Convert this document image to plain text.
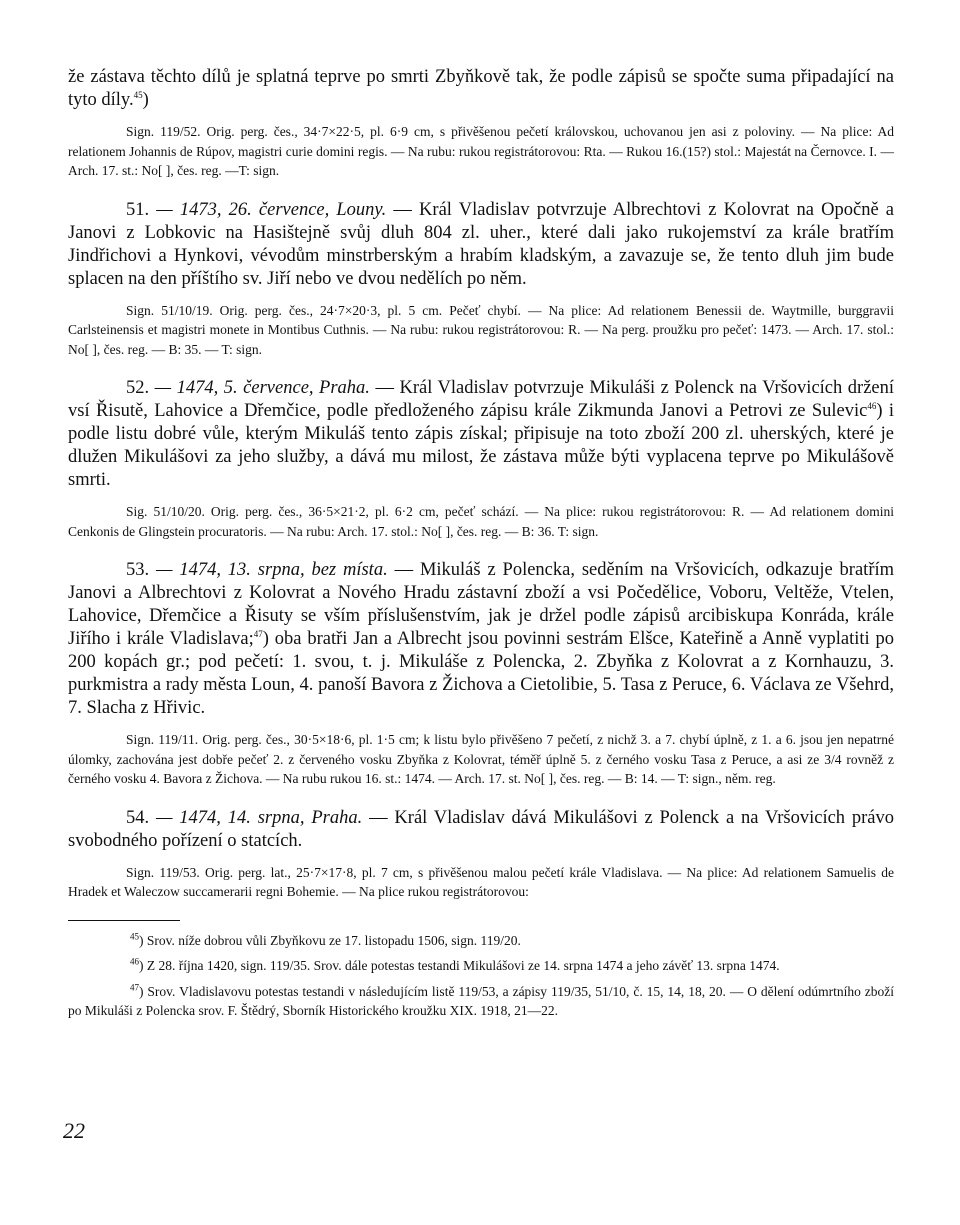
že zástava těchto dílů je splatná teprve po smrti Zbyňkově tak, že podle zápisů se spočte suma připadající na tyto díly.$^{45}$)

Sign. 119/52. Orig. perg. čes., 34·7×22·5, pl. 6·9 cm, s přivěšenou pečetí královskou, uchovanou jen asi z poloviny. — Na plice: Ad relationem Johannis de Rúpov, magistri curie domini regis. — Na rubu: rukou registrátorovou: Rta. — Rukou 16.(15?) stol.: Majestát na Černovce. I. — Arch. 17. st.: No[ ], čes. reg. —T: sign.

51. — 1473, 26. července, Louny. — Král Vladislav potvrzuje Albrechtovi z Kolovrat na Opočně a Janovi z Lobkovic na Hasištejně svůj dluh 804 zl. uher., které dali jako rukojemství za krále bratřím Jindřichovi a Hynkovi, vévodům minstrberským a hrabím kladským, a zavazuje se, že tento dluh jim bude splacen na den příštího sv. Jiří nebo ve dvou nedělích po něm.

Sign. 51/10/19. Orig. perg. čes., 24·7×20·3, pl. 5 cm. Pečeť chybí. — Na plice: Ad relationem Benessii de. Waytmille, burggravii Carlsteinensis et magistri monete in Montibus Cuthnis. — Na rubu: rukou registrátorovou: R. — Na perg. proužku pro pečeť: 1473. — Arch. 17. stol.: No[ ], čes. reg. — B: 35. — T: sign.

52. — 1474, 5. července, Praha. — Král Vladislav potvrzuje Mikuláši z Polenck na Vršovicích držení vsí Řisutě, Lahovice a Dřemčice, podle předloženého zápisu krále Zikmunda Janovi a Petrovi ze Sulevic$^{46}$) i podle listu dobré vůle, kterým Mikuláš tento zápis získal; připisuje na toto zboží 200 zl. uherských, které je dlužen Mikulášovi za jeho služby, a dává mu milost, že zástava může býti vyplacena teprve po Mikulášově smrti.

Sig. 51/10/20. Orig. perg. čes., 36·5×21·2, pl. 6·2 cm, pečeť schází. — Na plice: rukou registrátorovou: R. — Ad relationem domini Cenkonis de Glingstein procuratoris. — Na rubu: Arch. 17. stol.: No[ ], čes. reg. — B: 36. T: sign.

53. — 1474, 13. srpna, bez místa. — Mikuláš z Polencka, seděním na Vršovicích, odkazuje bratřím Janovi a Albrechtovi z Kolovrat a Nového Hradu zástavní zboží a vsi Počedělice, Voboru, Veltěže, Vtelen, Lahovice, Dřemčice a Řisuty se vším příslušenstvím, jak je držel podle zápisů arcibiskupa Konráda, krále Jiřího i krále Vladislava;$^{47}$) oba bratři Jan a Albrecht jsou povinni sestrám Elšce, Kateřině a Anně vyplatiti po 200 kopách gr.; pod pečetí: 1. svou, t. j. Mikuláše z Polencka, 2. Zbyňka z Kolovrat a z Kornhauzu, 3. purkmistra a rady města Loun, 4. panoší Bavora z Žichova a Cietolibie, 5. Tasa z Peruce, 6. Václava ze Všehrd, 7. Slacha z Hřivic.

Sign. 119/11. Orig. perg. čes., 30·5×18·6, pl. 1·5 cm; k listu bylo přivěšeno 7 pečetí, z nichž 3. a 7. chybí úplně, z 1. a 6. jsou jen nepatrné úlomky, zachována jest dobře pečeť 2. z červeného vosku Zbyňka z Kolovrat, téměř úplně 5. z černého vosku Tasa z Peruce, a asi ze 3/4 rovněž z černého vosku 4. Bavora z Žichova. — Na rubu rukou 16. st.: 1474. — Arch. 17. st. No[ ], čes. reg. — B: 14. — T: sign., něm. reg.

54. — 1474, 14. srpna, Praha. — Král Vladislav dává Mikulášovi z Polenck a na Vršovicích právo svobodného pořízení o statcích.

Sign. 119/53. Orig. perg. lat., 25·7×17·8, pl. 7 cm, s přivěšenou malou pečetí krále Vladislava. — Na plice: Ad relationem Samuelis de Hradek et Waleczow succamerarii regni Bohemie. — Na plice rukou registrátorovou:

$^{45}$) Srov. níže dobrou vůli Zbyňkovu ze 17. listopadu 1506, sign. 119/20.

$^{46}$) Z 28. října 1420, sign. 119/35. Srov. dále potestas testandi Mikulášovi ze 14. srpna 1474 a jeho závěť 13. srpna 1474.

$^{47}$) Srov. Vladislavovu potestas testandi v následujícím listě 119/53, a zápisy 119/35, 51/10, č. 15, 14, 18, 20. — O dělení odúmrtního zboží po Mikuláši z Polencka srov. F. Štědrý, Sborník Historického kroužku XIX. 1918, 21—22.

22
